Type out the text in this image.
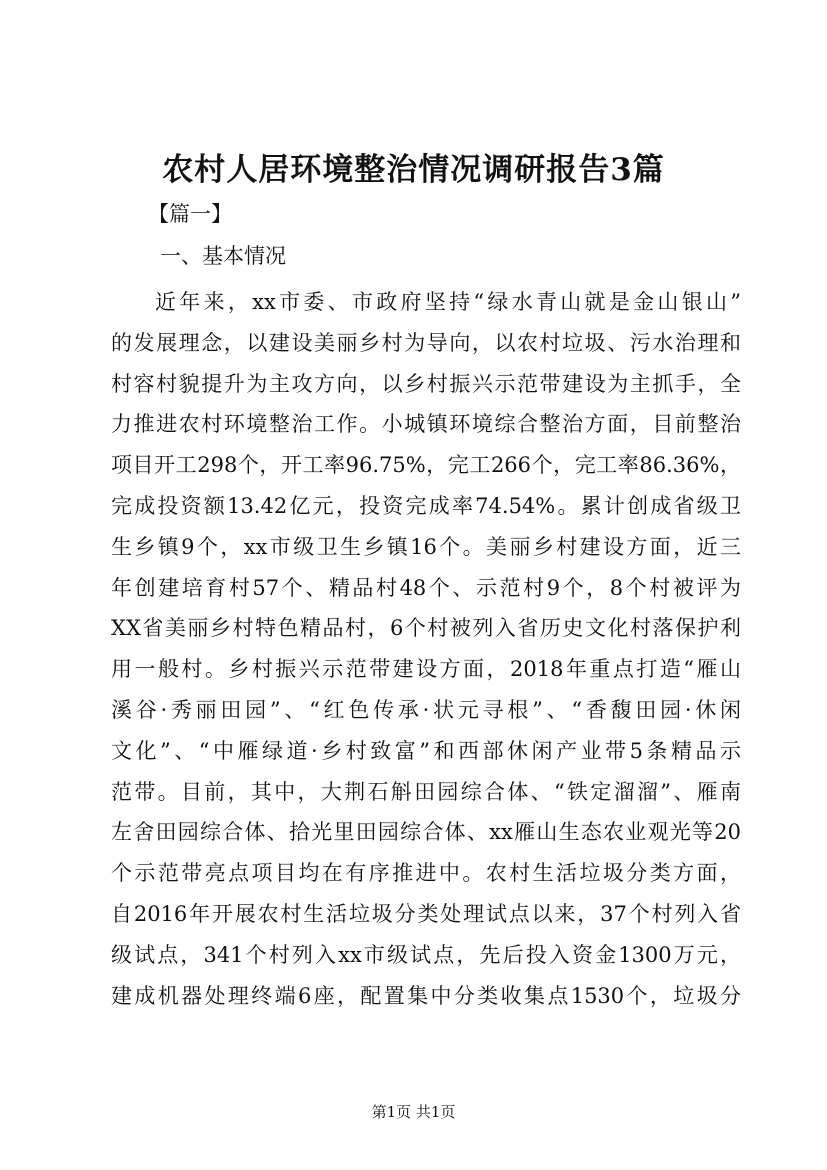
农村人居环境整治情况调研报告3篇

【篇一】

一、基本情况

近年来，xx市委、市政府坚持“绿水青山就是金山银山”
的发展理念，以建设美丽乡村为导向，以农村垃圾、污水治理和
村容村貌提升为主攻方向，以乡村振兴示范带建设为主抓手，全
力推进农村环境整治工作。小城镇环境综合整治方面，目前整治
项目开工298个，开工率96.75%，完工266个，完工率86.36%，
完成投资额13.42亿元，投资完成率74.54%。累计创成省级卫
生乡镇9个，xx市级卫生乡镇16个。美丽乡村建设方面，近三
年创建培育村57个、精品村48个、示范村9个，8个村被评为
XX省美丽乡村特色精品村，6个村被列入省历史文化村落保护利
用一般村。乡村振兴示范带建设方面，2018年重点打造“雁山
溪谷·秀丽田园”、“红色传承·状元寻根”、“香馥田园·休闲
文化”、“中雁绿道·乡村致富”和西部休闲产业带5条精品示
范带。目前，其中，大荆石斛田园综合体、“铁定溜溜”、雁南
左舍田园综合体、拾光里田园综合体、xx雁山生态农业观光等20
个示范带亮点项目均在有序推进中。农村生活垃圾分类方面，
自2016年开展农村生活垃圾分类处理试点以来，37个村列入省
级试点，341个村列入xx市级试点，先后投入资金1300万元，
建成机器处理终端6座，配置集中分类收集点1530个，垃圾分

第1页 共1页
